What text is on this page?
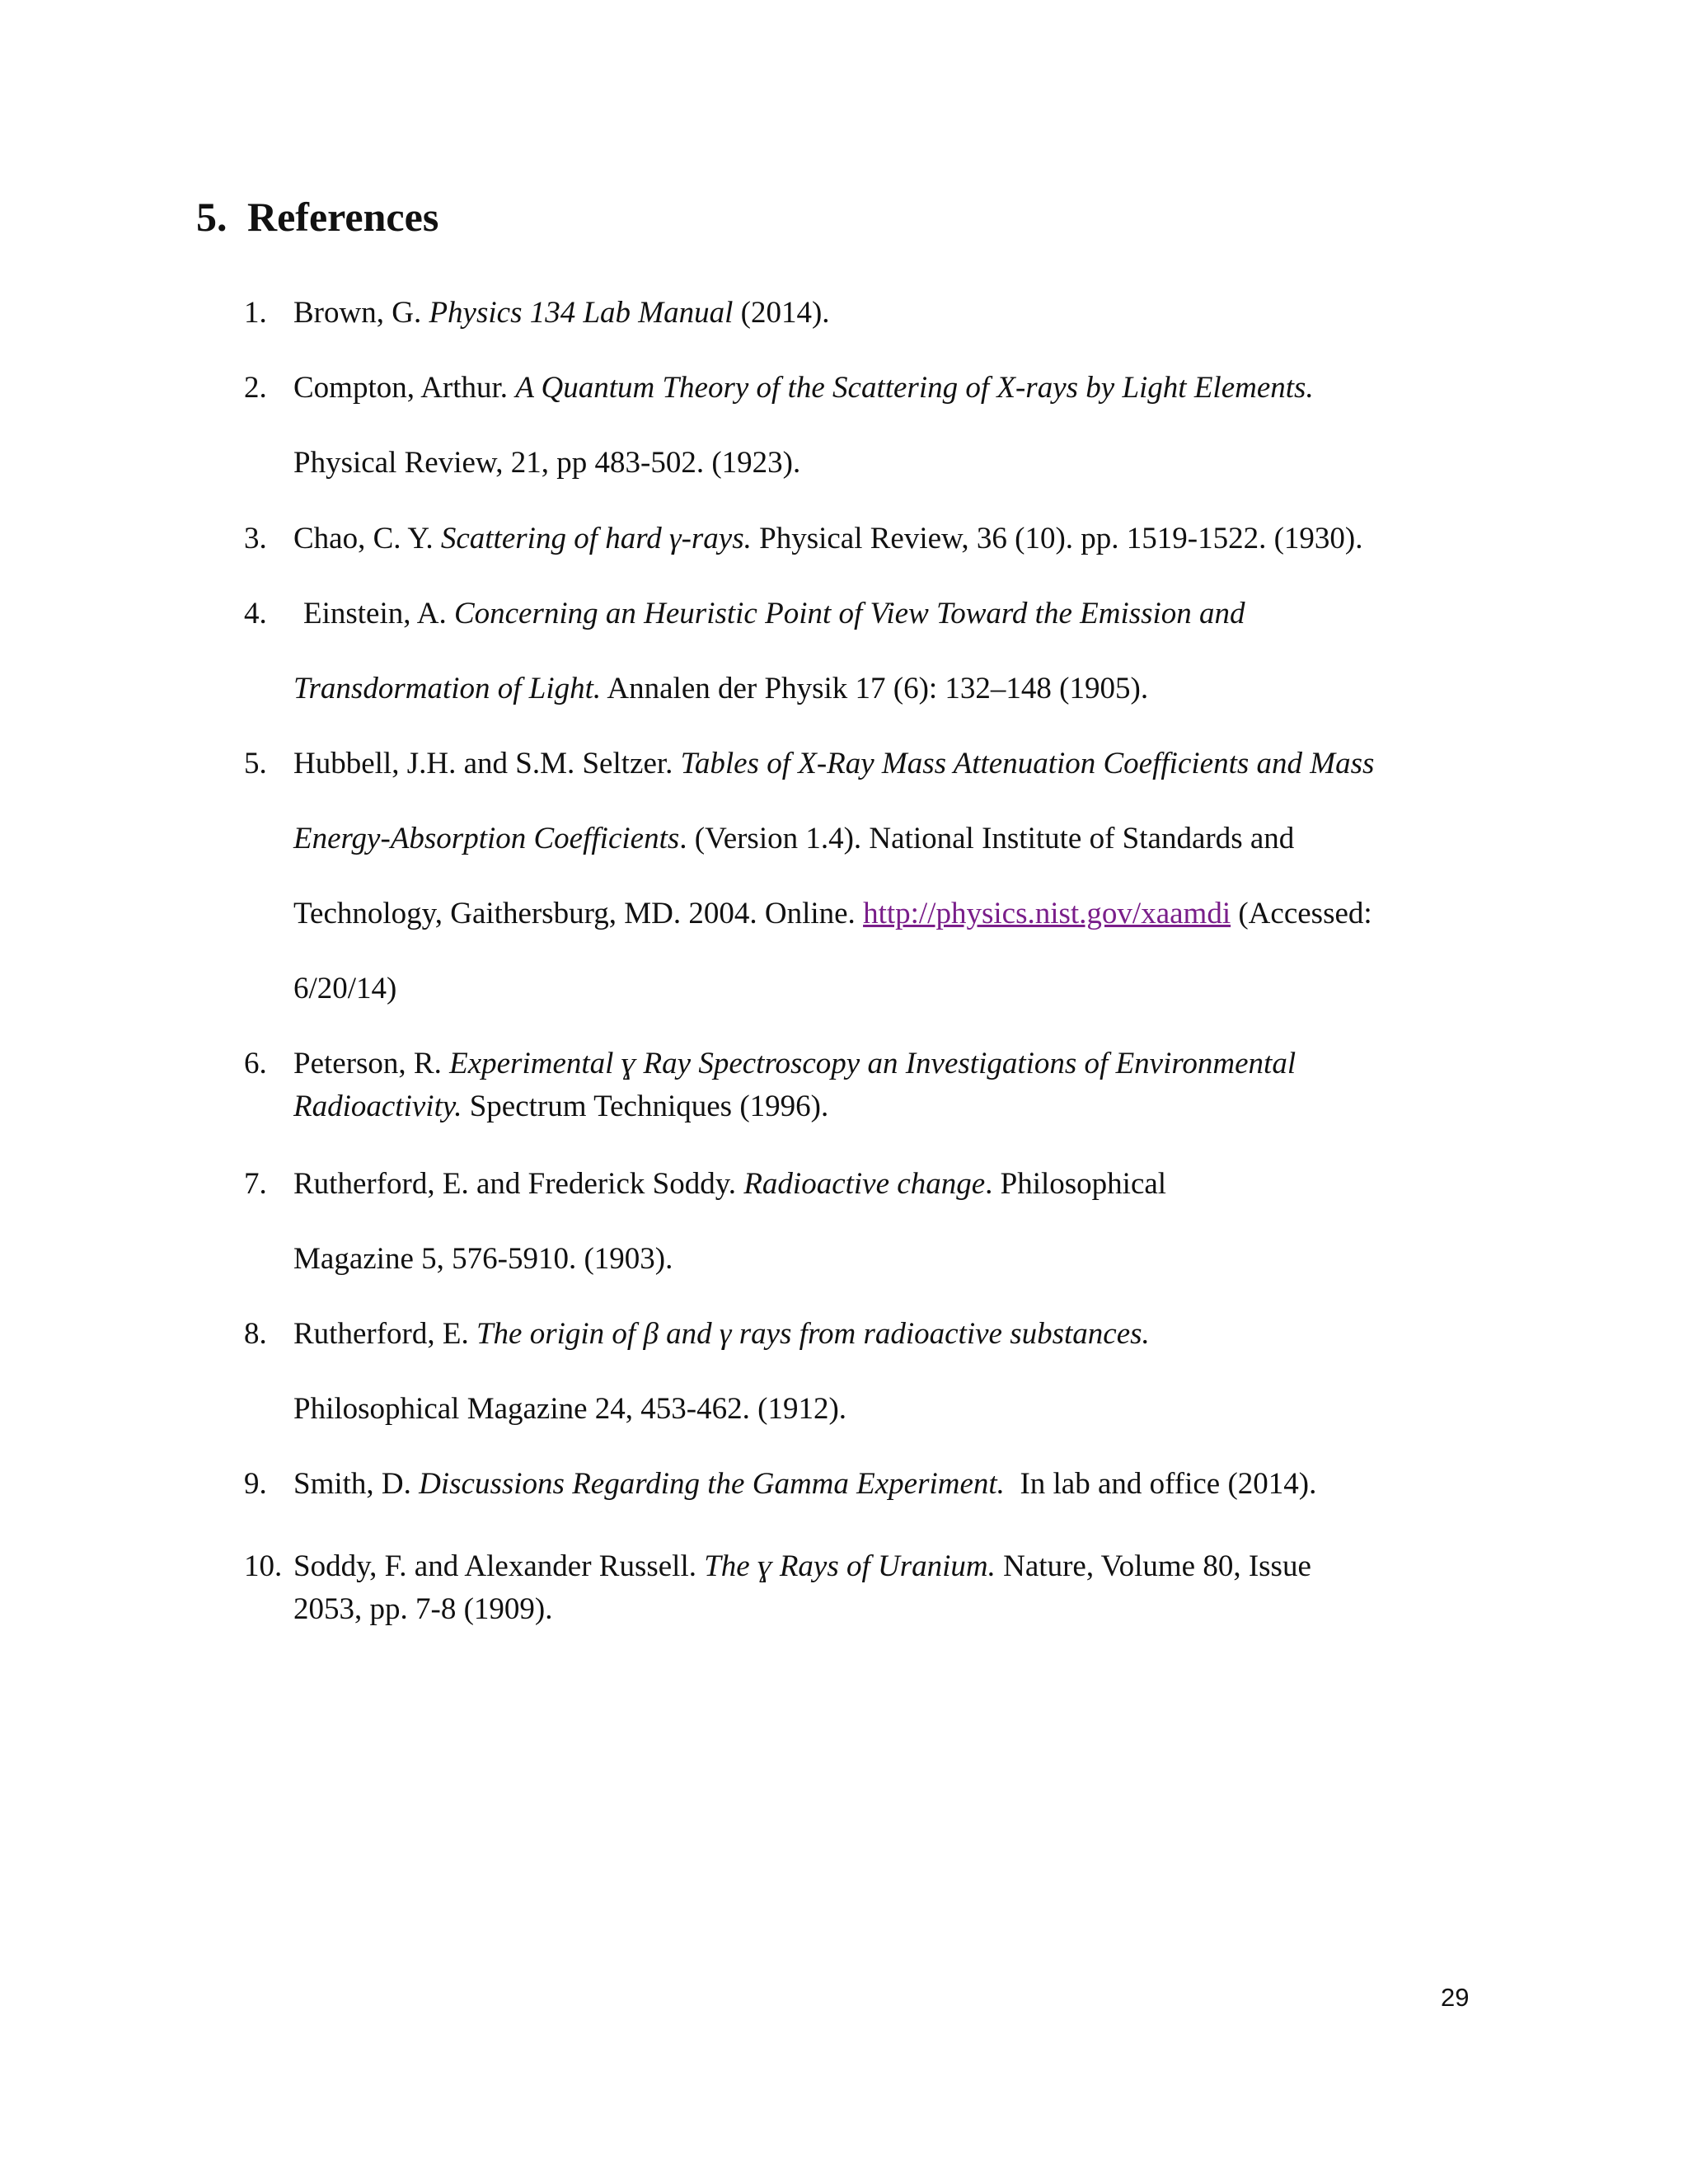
5. References
1. Brown, G. Physics 134 Lab Manual (2014).
2. Compton, Arthur. A Quantum Theory of the Scattering of X-rays by Light Elements.
Physical Review, 21, pp 483-502. (1923).
3. Chao, C. Y. Scattering of hard γ-rays. Physical Review, 36 (10). pp. 1519-1522. (1930).
4. Einstein, A. Concerning an Heuristic Point of View Toward the Emission and
Transdormation of Light. Annalen der Physik 17 (6): 132–148 (1905).
5. Hubbell, J.H. and S.M. Seltzer. Tables of X-Ray Mass Attenuation Coefficients and Mass
Energy-Absorption Coefficients. (Version 1.4). National Institute of Standards and
Technology, Gaithersburg, MD. 2004. Online. http://physics.nist.gov/xaamdi (Accessed:
6/20/14)
6. Peterson, R. Experimental ɣ Ray Spectroscopy an Investigations of Environmental
Radioactivity. Spectrum Techniques (1996).
7. Rutherford, E. and Frederick Soddy. Radioactive change. Philosophical
Magazine 5, 576-5910. (1903).
8. Rutherford, E. The origin of β and γ rays from radioactive substances.
Philosophical Magazine 24, 453-462. (1912).
9. Smith, D. Discussions Regarding the Gamma Experiment. In lab and office (2014).
10. Soddy, F. and Alexander Russell. The ɣ Rays of Uranium. Nature, Volume 80, Issue
2053, pp. 7-8 (1909).
29
